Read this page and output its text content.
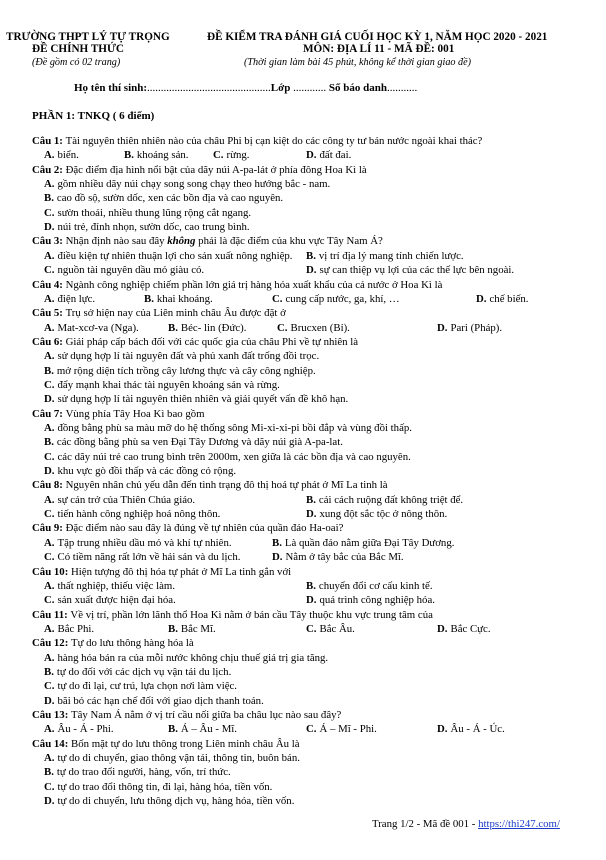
TRƯỜNG THPT LÝ TỰ TRỌNG
ĐỀ CHÍNH THỨC
(Đề gồm có 02 trang)
ĐỀ KIỂM TRA ĐÁNH GIÁ CUỐI HỌC KỲ 1, NĂM HỌC 2020 - 2021
MÔN: ĐỊA LÍ 11 - MÃ ĐỀ: 001
(Thời gian làm bài 45 phút, không kể thời gian giao đề)
Họ tên thí sinh:.............................................Lớp ............ Số báo danh...........
PHẦN 1: TNKQ ( 6 điểm)
Trang 1/2 - Mã đề 001 - https://thi247.com/
Câu 1: Tài nguyên thiên nhiên nào của châu Phi bị cạn kiệt do các công ty tư bản nước ngoài khai thác?
A. biển.	B. khoáng sản. C. rừng.	D. đất đai.
Câu 2: Đặc điểm địa hình nổi bật của dãy núi A-pa-lát ở phía đông Hoa Kì là
A. gồm nhiều dãy núi chạy song song chạy theo hướng bắc - nam.
B. cao đồ sộ, sườn dốc, xen các bồn địa và cao nguyên.
C. sườn thoải, nhiều thung lũng rộng cắt ngang.
D. núi trẻ, đỉnh nhọn, sườn dốc, cao trung bình.
Câu 3: Nhận định nào sau đây không phải là đặc điểm của khu vực Tây Nam Á?
A. điều kiện tự nhiên thuận lợi cho sản xuất nông nghiệp. B. vị trí địa lý mang tính chiến lược.
C. nguồn tài nguyên dầu mỏ giàu có.	D. sự can thiệp vụ lợi của các thế lực bên ngoài.
Câu 4: Ngành công nghiệp chiếm phần lớn giá trị hàng hóa xuất khẩu của cả nước ở Hoa Kì là
A. điện lực.	B. khai khoáng.	C. cung cấp nước, ga, khí, …	D. chế biến.
Câu 5: Trụ sở hiện nay của Liên minh châu Âu được đặt ở
A. Mat-xcơ-va (Nga).	B. Béc- lin (Đức).	C. Brucxen (Bỉ).	D. Pari (Pháp).
Câu 6: Giải pháp cấp bách đối với các quốc gia của châu Phi về tự nhiên là
A. sử dụng hợp lí tài nguyên đất và phủ xanh đất trống đồi trọc.
B. mở rộng diện tích trồng cây lương thực và cây công nghiệp.
C. đẩy mạnh khai thác tài nguyên khoáng sản và rừng.
D. sử dụng hợp lí tài nguyên thiên nhiên và giải quyết vấn đề khô hạn.
Câu 7: Vùng phía Tây Hoa Kì bao gồm
A. đồng bằng phù sa màu mỡ do hệ thống sông Mi-xi-xi-pi bồi đắp và vùng đồi thấp.
B. các đồng bằng phù sa ven Đại Tây Dương và dãy núi già A-pa-lat.
C. các dãy núi trẻ cao trung bình trên 2000m, xen giữa là các bồn địa và cao nguyên.
D. khu vực gò đồi thấp và các đồng cỏ rộng.
Câu 8: Nguyên nhân chủ yếu dẫn đến tình trạng đô thị hoá tự phát ở Mĩ La tinh là
A. sự cản trở của Thiên Chúa giáo.	B. cải cách ruộng đất không triệt để.
C. tiến hành công nghiệp hoá nông thôn.	D. xung đột sắc tộc ở nông thôn.
Câu 9: Đặc điểm nào sau đây là đúng về tự nhiên của quần đảo Ha-oai?
A. Tập trung nhiều dầu mỏ và khí tự nhiên.	B. Là quần đảo nằm giữa Đại Tây Dương.
C. Có tiềm năng rất lớn về hải sản và du lịch.	D. Nằm ở tây bắc của Bắc Mĩ.
Câu 10: Hiện tượng đô thị hóa tự phát ở Mĩ La tinh gắn với
A. thất nghiệp, thiếu việc làm.	B. chuyển đổi cơ cấu kinh tế.
C. sản xuất được hiện đại hóa.	D. quá trình công nghiệp hóa.
Câu 11: Về vị trí, phần lớn lãnh thổ Hoa Kì nằm ở bán cầu Tây thuộc khu vực trung tâm của
A. Bắc Phi.	B. Bắc Mĩ.	C. Bắc Âu.	D. Bắc Cực.
Câu 12: Tự do lưu thông hàng hóa là
A. hàng hóa bán ra của mỗi nước không chịu thuế giá trị gia tăng.
B. tự do đối với các dịch vụ vận tải du lịch.
C. tự do đi lại, cư trú, lựa chọn nơi làm việc.
D. bãi bỏ các hạn chế đối với giao dịch thanh toán.
Câu 13: Tây Nam Á nằm ở vị trí cầu nối giữa ba châu lục nào sau đây?
A. Âu - Á - Phi.	B. Á – Âu - Mĩ.	C. Á – Mĩ - Phi.	D. Âu - Á - Úc.
Câu 14: Bốn mặt tự do lưu thông trong Liên minh châu Âu là
A. tự do di chuyển, giao thông vận tải, thông tin, buôn bán.
B. tự do trao đổi người, hàng, vốn, trí thức.
C. tự do trao đổi thông tin, đi lại, hàng hóa, tiền vốn.
D. tự do di chuyển, lưu thông dịch vụ, hàng hóa, tiền vốn.
